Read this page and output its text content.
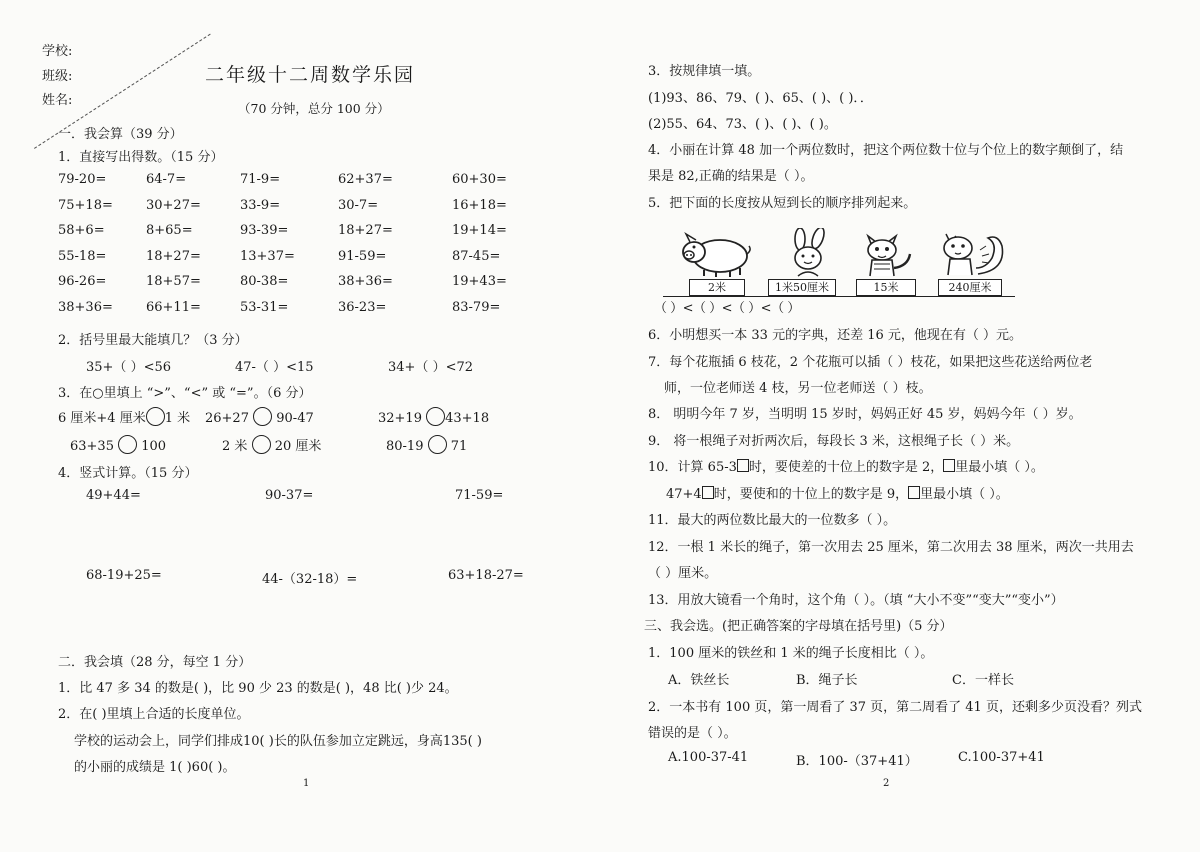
学校:
班级:
姓名:
二年级十二周数学乐园
（70 分钟，总分 100 分）
一．我会算（39 分）
1．直接写出得数。（15 分）
79-20=	64-7=	71-9=	62+37=	60+30=
75+18=	30+27=	33-9=	30-7=	16+18=
58+6=	8+65=	93-39=	18+27=	19+14=
55-18=	18+27=	13+37=	91-59=	87-45=
96-26=	18+57=	80-38=	38+36=	19+43=
38+36=	66+11=	53-31=	36-23=	83-79=
2．括号里最大能填几？（3 分）
35+（ ）<56	47-（ ）<15	34+（ ）<72
3．在○里填上 “>”、“<” 或 “=”。（6 分）
6 厘米+4 厘米 1 米 26+27 90-47	32+19 43+18
63+35 100	2 米 20 厘米	80-19 71
4．竖式计算。（15 分）
49+44=	90-37=	71-59=
68-19+25=	44-（32-18）=	63+18-27=
二．我会填（28 分，每空 1 分）
1．比 47 多 34 的数是( )，比 90 少 23 的数是( )，48 比( )少 24。
2．在( )里填上合适的长度单位。
学校的运动会上，同学们排成10( )长的队伍参加立定跳远，身高135( )
的小丽的成绩是 1( )60( )。
1
3．按规律填一填。
(1)93、86、79、( )、65、( )、( )．．
(2)55、64、73、( )、( )、( )。
4．小丽在计算 48 加一个两位数时，把这个两位数十位与个位上的数字颠倒了，结
果是 82,正确的结果是（ ）。
5．把下面的长度按从短到长的顺序排列起来。
2米	1米50厘米	15米	240厘米
（ ）<（ ）<（ ）<（ ）
6．小明想买一本 33 元的字典，还差 16 元，他现在有（ ）元。
7．每个花瓶插 6 枝花，2 个花瓶可以插（ ）枝花，如果把这些花送给两位老
师，一位老师送 4 枝，另一位老师送（ ）枝。
8． 明明今年 7 岁，当明明 15 岁时，妈妈正好 45 岁，妈妈今年（ ）岁。
9． 将一根绳子对折两次后，每段长 3 米，这根绳子长（ ）米。
10．计算 65-3 时，要使差的十位上的数字是 2， 里最小填（ ）。
47+4 时，要使和的十位上的数字是 9， 里最小填（ ）。
11．最大的两位数比最大的一位数多（ ）。
12．一根 1 米长的绳子，第一次用去 25 厘米，第二次用去 38 厘米，两次一共用去
（ ）厘米。
13．用放大镜看一个角时，这个角（ ）。（填 “大小不变”“变大”“变小”）
三、我会选。(把正确答案的字母填在括号里)（5 分）
1．100 厘米的铁丝和 1 米的绳子长度相比（ ）。
A．铁丝长	B．绳子长	C．一样长
2．一本书有 100 页，第一周看了 37 页，第二周看了 41 页，还剩多少页没看？列式
错误的是（ ）。
A.100-37-41	B．100-（37+41）	C.100-37+41
2
